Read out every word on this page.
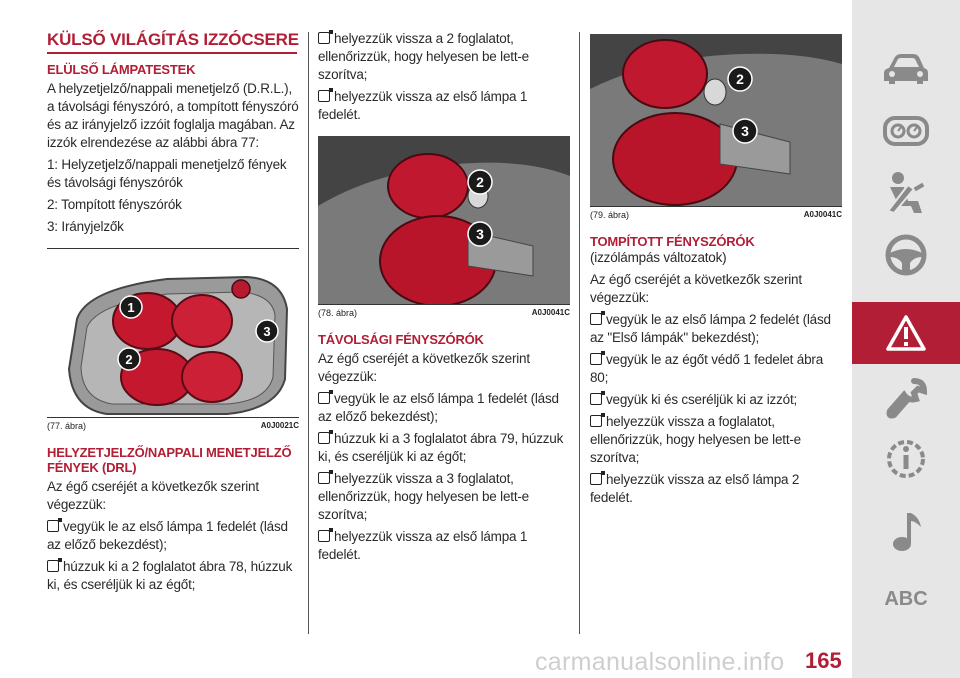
KÜLSŐ VILÁGÍTÁS IZZÓCSERE
ELÜLSŐ LÁMPATESTEK

A helyzetjelző/nappali menetjelző (D.R.L.), a távolsági fényszóró, a tompított fényszóró és az irányjelző izzóit foglalja magában. Az izzók elrendezése az alábbi ábra 77:

1: Helyzetjelző/nappali menetjelző fények és távolsági fényszórók

2: Tompított fényszórók

3: Irányjelzők

1
2
3
(77. ábra)	A0J0021C
HELYZETJELZŐ/NAPPALI MENETJELZŐ FÉNYEK (DRL)

Az égő cseréjét a következők szerint végezzük:

vegyük le az első lámpa 1 fedelét (lásd az előző bekezdést);

húzzuk ki a 2 foglalatot ábra 78, húzzuk ki, és cseréljük ki az égőt;

helyezzük vissza a 2 foglalatot, ellenőrizzük, hogy helyesen be lett-e szorítva;

helyezzük vissza az első lámpa 1 fedelét.

2
3
(78. ábra)	A0J0041C
TÁVOLSÁGI FÉNYSZÓRÓK

Az égő cseréjét a következők szerint végezzük:

vegyük le az első lámpa 1 fedelét (lásd az előző bekezdést);

húzzuk ki a 3 foglalatot ábra 79, húzzuk ki, és cseréljük ki az égőt;

helyezzük vissza a 3 foglalatot, ellenőrizzük, hogy helyesen be lett-e szorítva;

helyezzük vissza az első lámpa 1 fedelét.

2
3
(79. ábra)	A0J0041C
TOMPÍTOTT FÉNYSZÓRÓK

(izzólámpás változatok)

Az égő cseréjét a következők szerint végezzük:

vegyük le az első lámpa 2 fedelét (lásd az "Első lámpák" bekezdést);

vegyük le az égőt védő 1 fedelet ábra 80;

vegyük ki és cseréljük ki az izzót;

helyezzük vissza a foglalatot, ellenőrizzük, hogy helyesen be lett-e szorítva;

helyezzük vissza az első lámpa 2 fedelét.

ABC
165
carmanualsonline.info
